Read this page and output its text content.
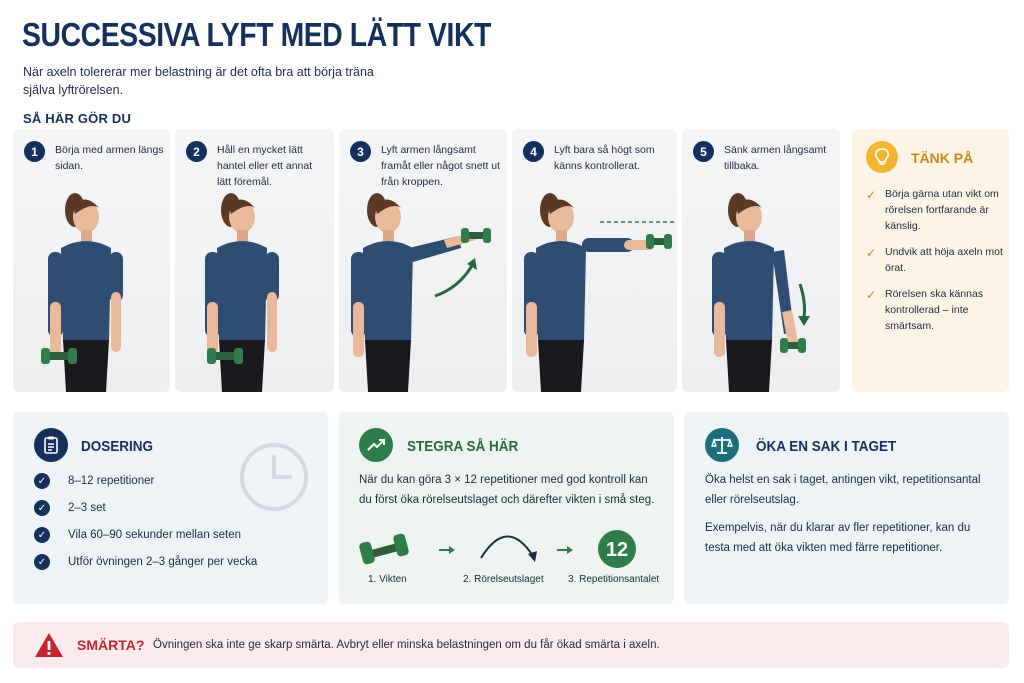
SUCCESSIVA LYFT MED LÄTT VIKT
När axeln tolererar mer belastning är det ofta bra att börja träna själva lyftrörelsen.
SÅ HÄR GÖR DU
1	Börja med armen längs sidan.
2	Håll en mycket lätt hantel eller ett annat lätt föremål.
3	Lyft armen långsamt framåt eller något snett ut från kroppen.
4	Lyft bara så högt som känns kontrollerat.
5	Sänk armen långsamt tillbaka.	TÄNK PÅ
✓ Börja gärna utan vikt om rörelsen fortfarande är känslig.
✓ Undvik att höja axeln mot örat.
✓ Rörelsen ska kännas kontrollerad – inte smärtsam.
DOSERING
✓	8–12 repetitioner
✓	2–3 set
✓	Vila 60–90 sekunder mellan seten
✓	Utför övningen 2–3 gånger per vecka
STEGRA SÅ HÄR
När du kan göra 3 × 12 repetitioner med god kontroll kan du först öka rörelseutslaget och därefter vikten i små steg.
12
1. Vikten	2. Rörelseutslaget 3. Repetitionsantalet
ÖKA EN SAK I TAGET
Öka helst en sak i taget, antingen vikt, repetitionsantal eller rörelseutslag.
Exempelvis, när du klarar av fler repetitioner, kan du testa med att öka vikten med färre repetitioner.
SMÄRTA? Övningen ska inte ge skarp smärta. Avbryt eller minska belastningen om du får ökad smärta i axeln.
